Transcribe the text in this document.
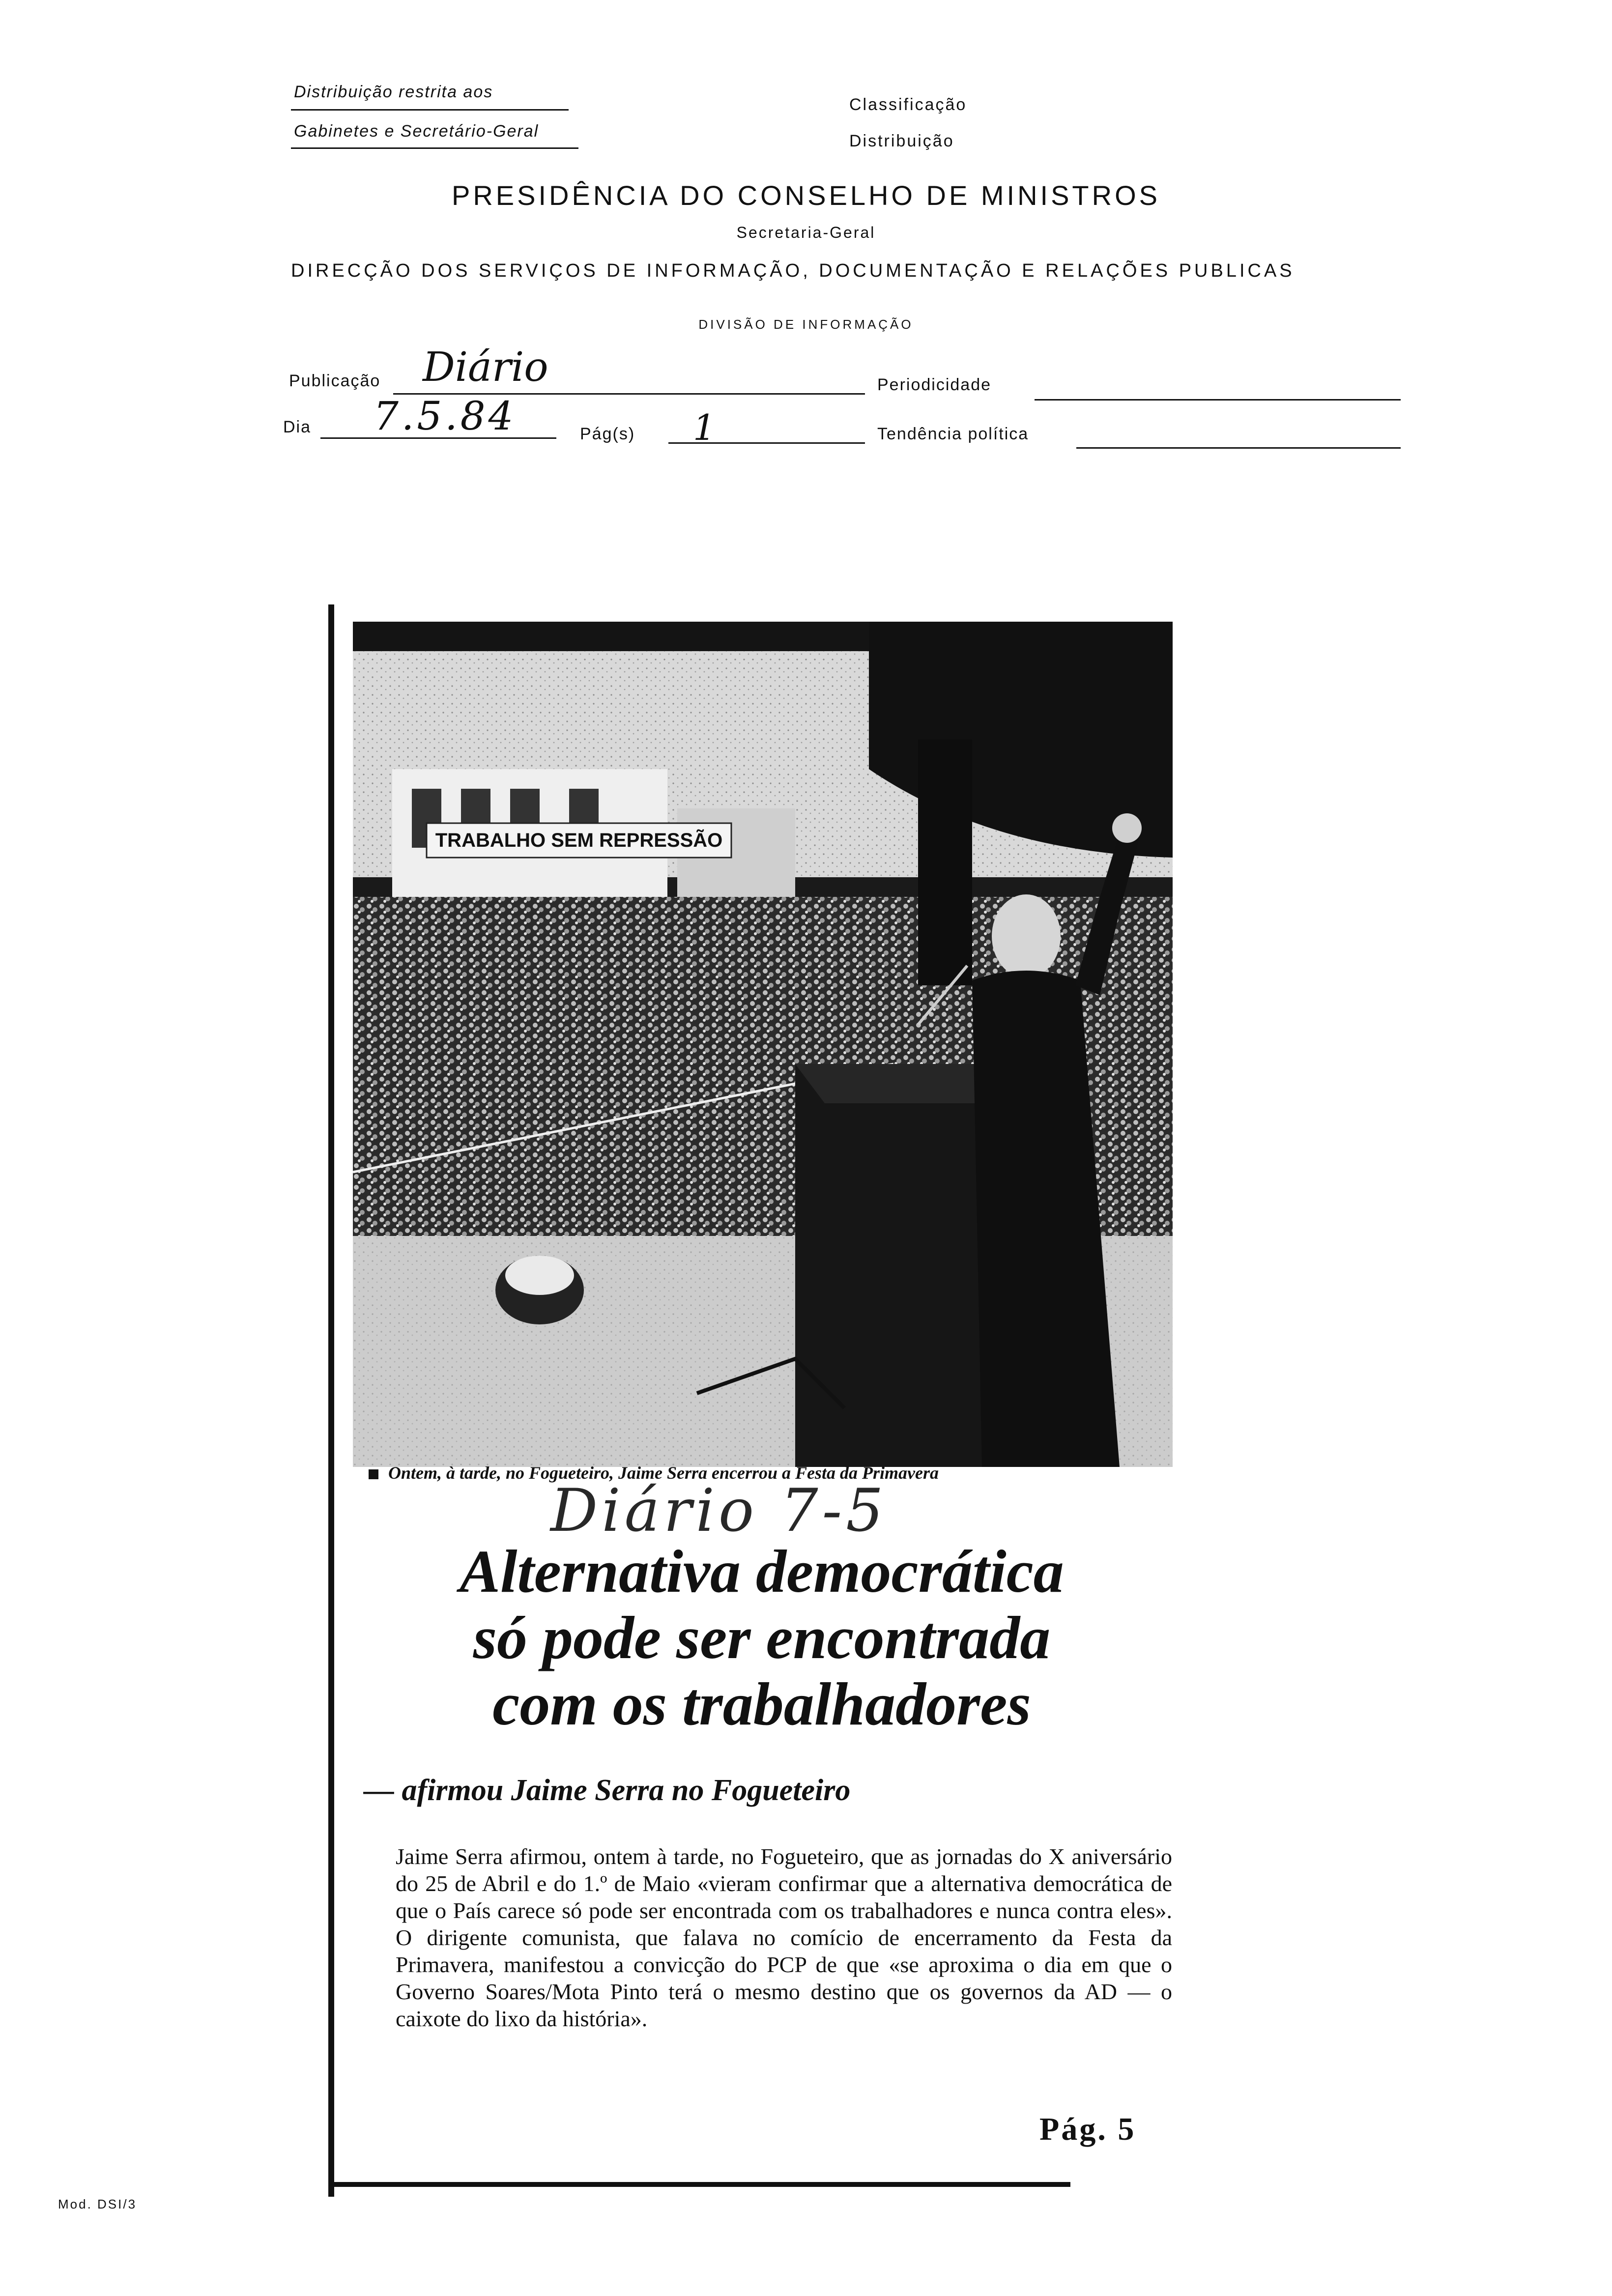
Distribuição restrita aos
Gabinetes e Secretário-Geral
Classificação
Distribuição
PRESIDÊNCIA DO CONSELHO DE MINISTROS
Secretaria-Geral
DIRECÇÃO DOS SERVIÇOS DE INFORMAÇÃO, DOCUMENTAÇÃO E RELAÇÕES PUBLICAS
DIVISÃO DE INFORMAÇÃO
Publicação Diário	Periodicidade
Dia 7.5.84	Pág(s) 1	Tendência política
TRABALHO SEM REPRESSÃO
Ontem, à tarde, no Fogueteiro, Jaime Serra encerrou a Festa da Primavera
Diário 7-5
Alternativa democrática
só pode ser encontrada
com os trabalhadores
— afirmou Jaime Serra no Fogueteiro
Jaime Serra afirmou, ontem à tarde, no Fogueteiro, que as jornadas do X aniversário do 25 de Abril e do 1.º de Maio «vieram confirmar que a alternativa democrática de que o País carece só pode ser encontrada com os trabalhadores e nunca contra eles». O dirigente comunista, que falava no comício de encerramento da Festa da Primavera, manifestou a convicção do PCP de que «se aproxima o dia em que o Governo Soares/Mota Pinto terá o mesmo destino que os governos da AD — o caixote do lixo da história».
Pág. 5
Mod. DSI/3
